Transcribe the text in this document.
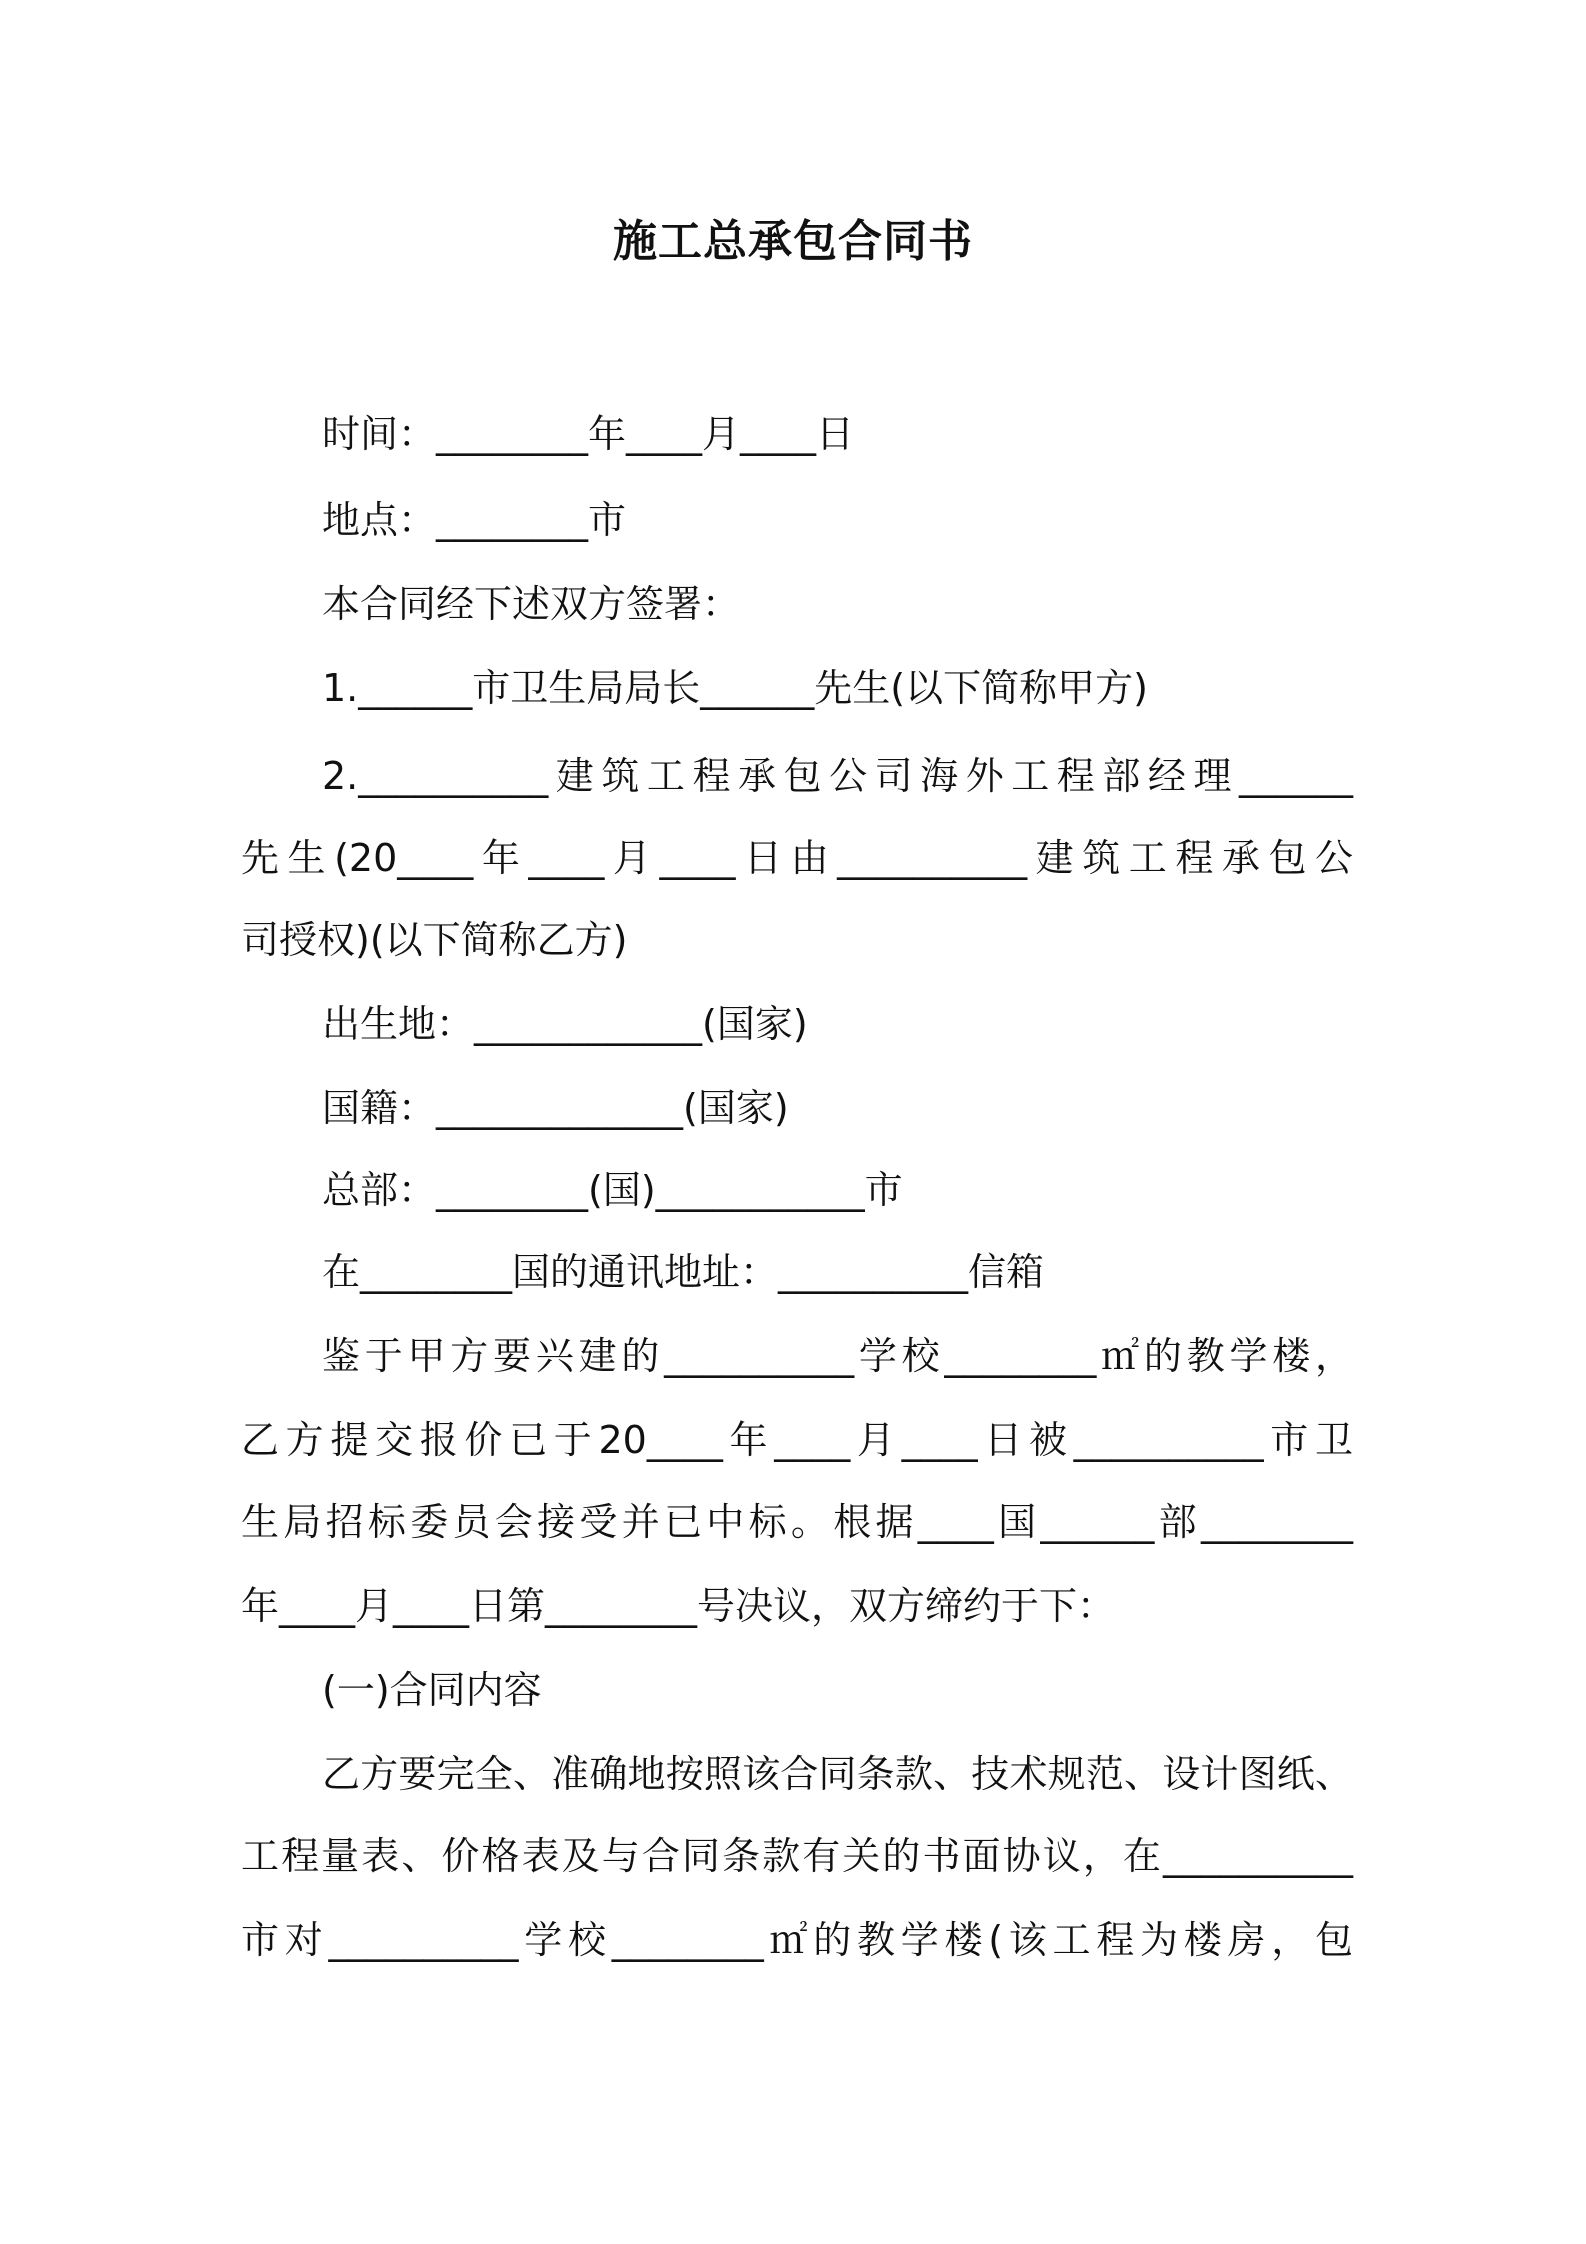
施工总承包合同书

时间：________年____月____日

地点：________市

本合同经下述双方签署：

1.______市卫生局局长______先生(以下简称甲方)

2.__________建筑工程承包公司海外工程部经理______

先生(20____年____月____日由__________建筑工程承包公

司授权)(以下简称乙方)

出生地：____________(国家)

国籍：_____________(国家)

总部：________(国)___________市

在________国的通讯地址：__________信箱

鉴于甲方要兴建的__________学校________㎡的教学楼，

乙方提交报价已于20____年____月____日被__________市卫

生局招标委员会接受并已中标。根据____国______部________

年____月____日第________号决议，双方缔约于下：

(一)合同内容

乙方要完全、准确地按照该合同条款、技术规范、设计图纸、

工程量表、价格表及与合同条款有关的书面协议，在__________

市对__________学校________㎡的教学楼(该工程为楼房，包
